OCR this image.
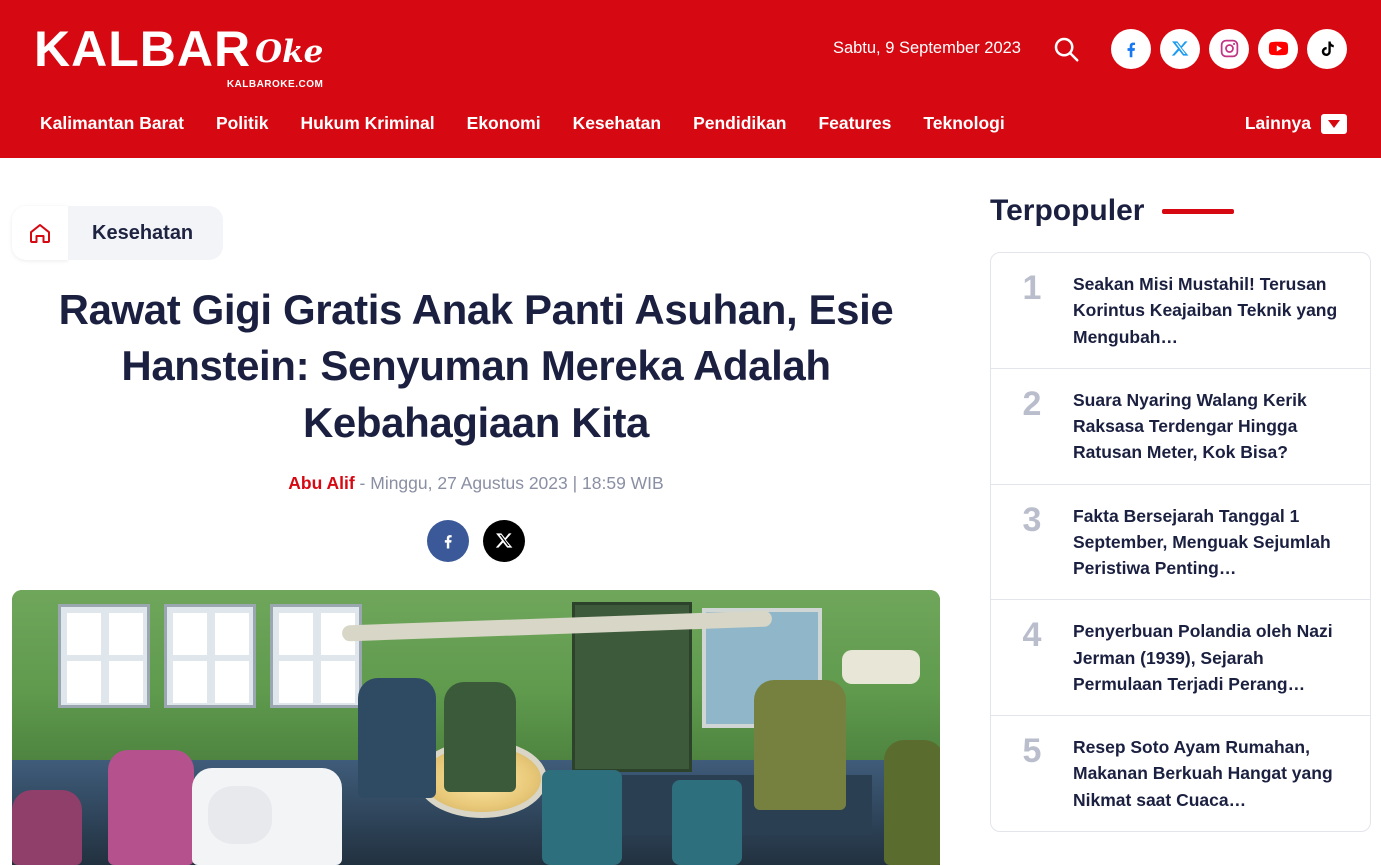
KALBAR Oke
KALBAROKE.COM
Sabtu, 9 September 2023
Kalimantan Barat	Politik	Hukum Kriminal	Ekonomi	Kesehatan	Pendidikan	Features	Teknologi	Lainnya
Kesehatan
Rawat Gigi Gratis Anak Panti Asuhan, Esie Hanstein: Senyuman Mereka Adalah Kebahagiaan Kita
Abu Alif - Minggu, 27 Agustus 2023 | 18:59 WIB
Terpopuler
1	Seakan Misi Mustahil! Terusan Korintus Keajaiban Teknik yang Mengubah…
2	Suara Nyaring Walang Kerik Raksasa Terdengar Hingga Ratusan Meter, Kok Bisa?
3	Fakta Bersejarah Tanggal 1 September, Menguak Sejumlah Peristiwa Penting…
4	Penyerbuan Polandia oleh Nazi Jerman (1939), Sejarah Permulaan Terjadi Perang…
5	Resep Soto Ayam Rumahan, Makanan Berkuah Hangat yang Nikmat saat Cuaca…
